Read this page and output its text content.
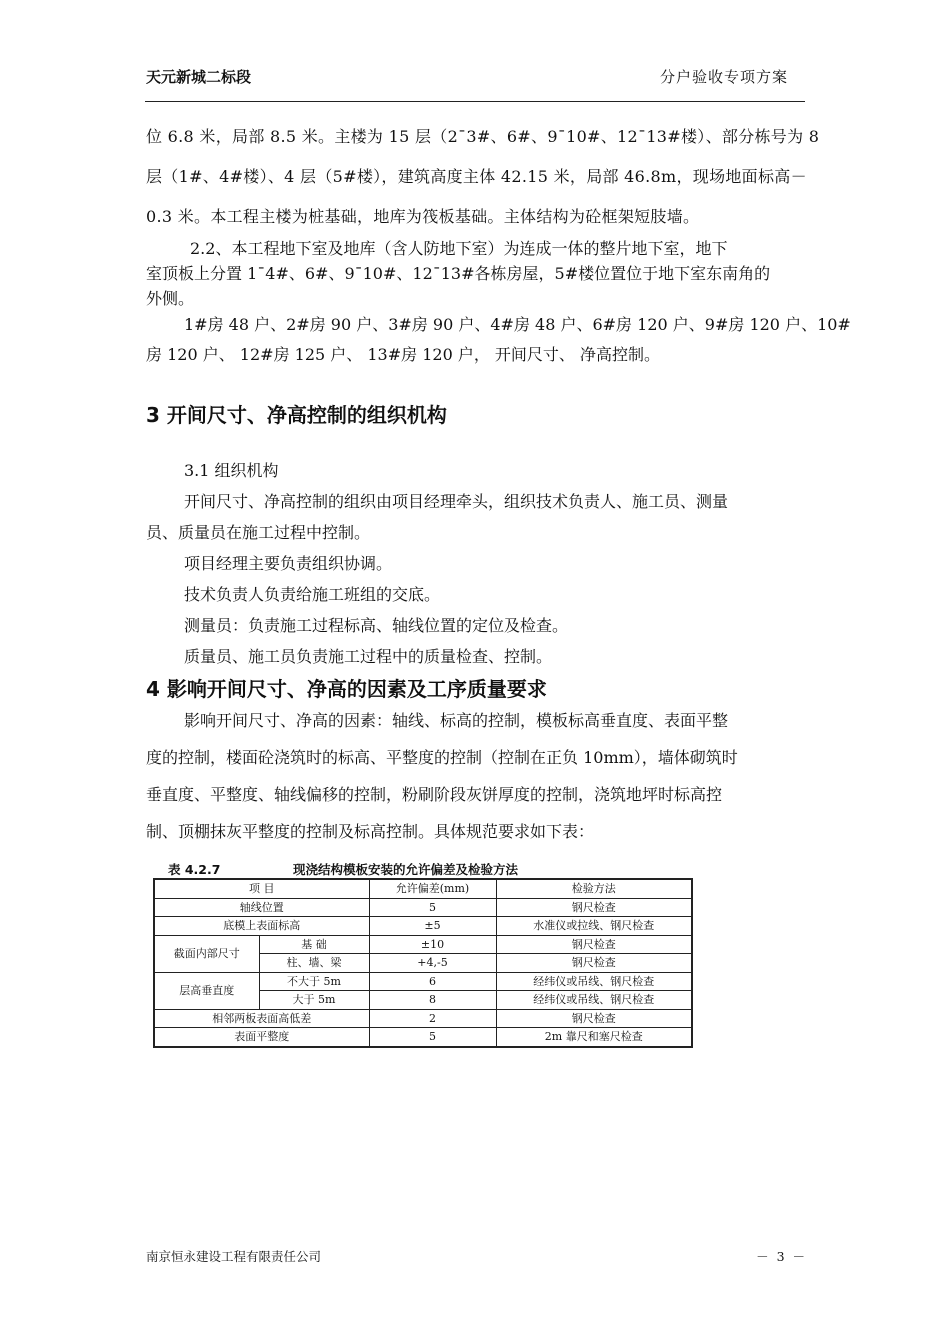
天元新城二标段	分户验收专项方案
位 6.8 米，局部 8.5 米。主楼为 15 层（2¯3#、6#、9¯10#、12¯13#楼）、部分栋号为 8
层（1#、4#楼）、4 层（5#楼），建筑高度主体 42.15 米，局部 46.8m，现场地面标高－
0.3 米。本工程主楼为桩基础，地库为筏板基础。主体结构为砼框架短肢墙。
2.2、本工程地下室及地库（含人防地下室）为连成一体的整片地下室，地下
室顶板上分置 1¯4#、6#、9¯10#、12¯13#各栋房屋，5#楼位置位于地下室东南角的
外侧。
1#房 48 户、2#房 90 户、3#房 90 户、4#房 48 户、6#房 120 户、9#房 120 户、10#
房 120 户、 12#房 125 户、 13#房 120 户， 开间尺寸、 净高控制。
3 开间尺寸、净高控制的组织机构
3.1 组织机构
开间尺寸、净高控制的组织由项目经理牵头，组织技术负责人、施工员、测量
员、质量员在施工过程中控制。
项目经理主要负责组织协调。
技术负责人负责给施工班组的交底。
测量员：负责施工过程标高、轴线位置的定位及检查。
质量员、施工员负责施工过程中的质量检查、控制。
4 影响开间尺寸、净高的因素及工序质量要求
影响开间尺寸、净高的因素：轴线、标高的控制，模板标高垂直度、表面平整
度的控制，楼面砼浇筑时的标高、平整度的控制（控制在正负 10mm），墙体砌筑时
垂直度、平整度、轴线偏移的控制，粉刷阶段灰饼厚度的控制，浇筑地坪时标高控
制、顶棚抹灰平整度的控制及标高控制。具体规范要求如下表：
表 4.2.7	现浇结构模板安装的允许偏差及检验方法
项 目		允许偏差(mm)	检验方法
轴线位置		5	钢尺检查
底模上表面标高		±5	水准仪或拉线、钢尺检查
截面内部尺寸	基 础	±10	钢尺检查
	柱、墙、梁	+4,-5	钢尺检查
层高垂直度	不大于 5m	6	经纬仪或吊线、钢尺检查
	大于 5m	8	经纬仪或吊线、钢尺检查
相邻两板表面高低差		2	钢尺检查
表面平整度		5	2m 靠尺和塞尺检查
南京恒永建设工程有限责任公司	－ 3 －
